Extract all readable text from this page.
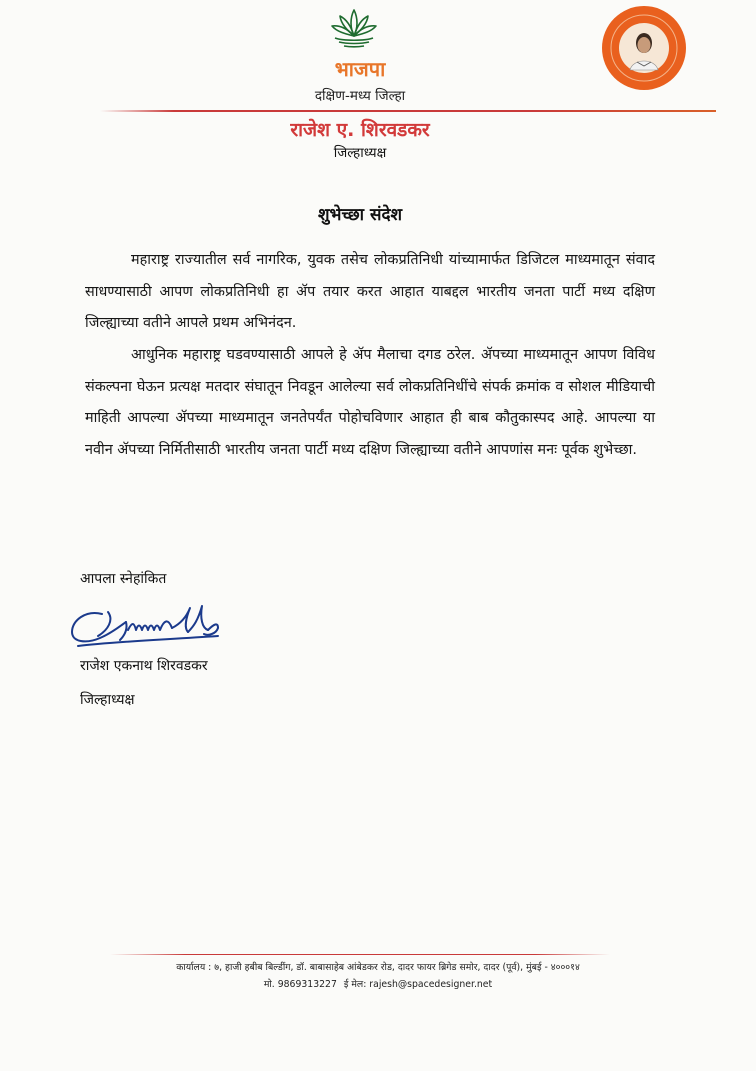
भाजपा
दक्षिण-मध्य जिल्हा
राजेश ए. शिरवडकर
जिल्हाध्यक्ष
शुभेच्छा संदेश

महाराष्ट्र राज्यातील सर्व नागरिक, युवक तसेच लोकप्रतिनिधी यांच्यामार्फत डिजिटल माध्यमातून संवाद साधण्यासाठी आपण लोकप्रतिनिधी हा ॲप तयार करत आहात याबद्दल भारतीय जनता पार्टी मध्य दक्षिण जिल्ह्याच्या वतीने आपले प्रथम अभिनंदन.

आधुनिक महाराष्ट्र घडवण्यासाठी आपले हे ॲप मैलाचा दगड ठरेल. ॲपच्या माध्यमातून आपण विविध संकल्पना घेऊन प्रत्यक्ष मतदार संघातून निवडून आलेल्या सर्व लोकप्रतिनिधींचे संपर्क क्रमांक व सोशल मीडियाची माहिती आपल्या ॲपच्या माध्यमातून जनतेपर्यंत पोहोचविणार आहात ही बाब कौतुकास्पद आहे. आपल्या या नवीन ॲपच्या निर्मितीसाठी भारतीय जनता पार्टी मध्य दक्षिण जिल्ह्याच्या वतीने आपणांस मनः पूर्वक शुभेच्छा.

आपला स्नेहांकित
राजेश एकनाथ शिरवडकर
जिल्हाध्यक्ष
कार्यालय : ७, हाजी हबीब बिल्डींग, डॉ. बाबासाहेब आंबेडकर रोड, दादर फायर ब्रिगेड समोर, दादर (पूर्व), मुंबई - ४०००१४
मो. 9869313227 ई मेल: rajesh@spacedesigner.net
